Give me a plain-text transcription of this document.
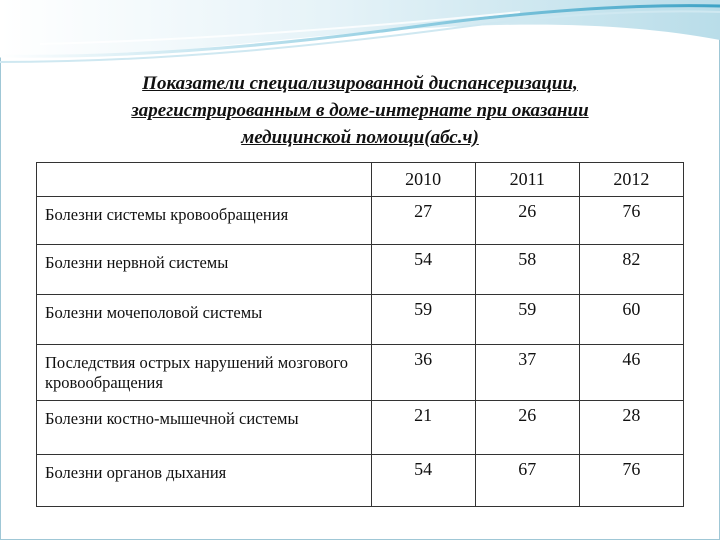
Показатели специализированной диспансеризации,
зарегистрированным в доме-интернате при оказании
медицинской помощи(абс.ч)
	2010	2011	2012
Болезни системы кровообращения	27	26	76
Болезни нервной системы	54	58	82
Болезни мочеполовой системы	59	59	60
Последствия острых нарушений мозгового кровообращения	36	37	46
Болезни костно-мышечной системы	21	26	28
Болезни органов дыхания	54	67	76
